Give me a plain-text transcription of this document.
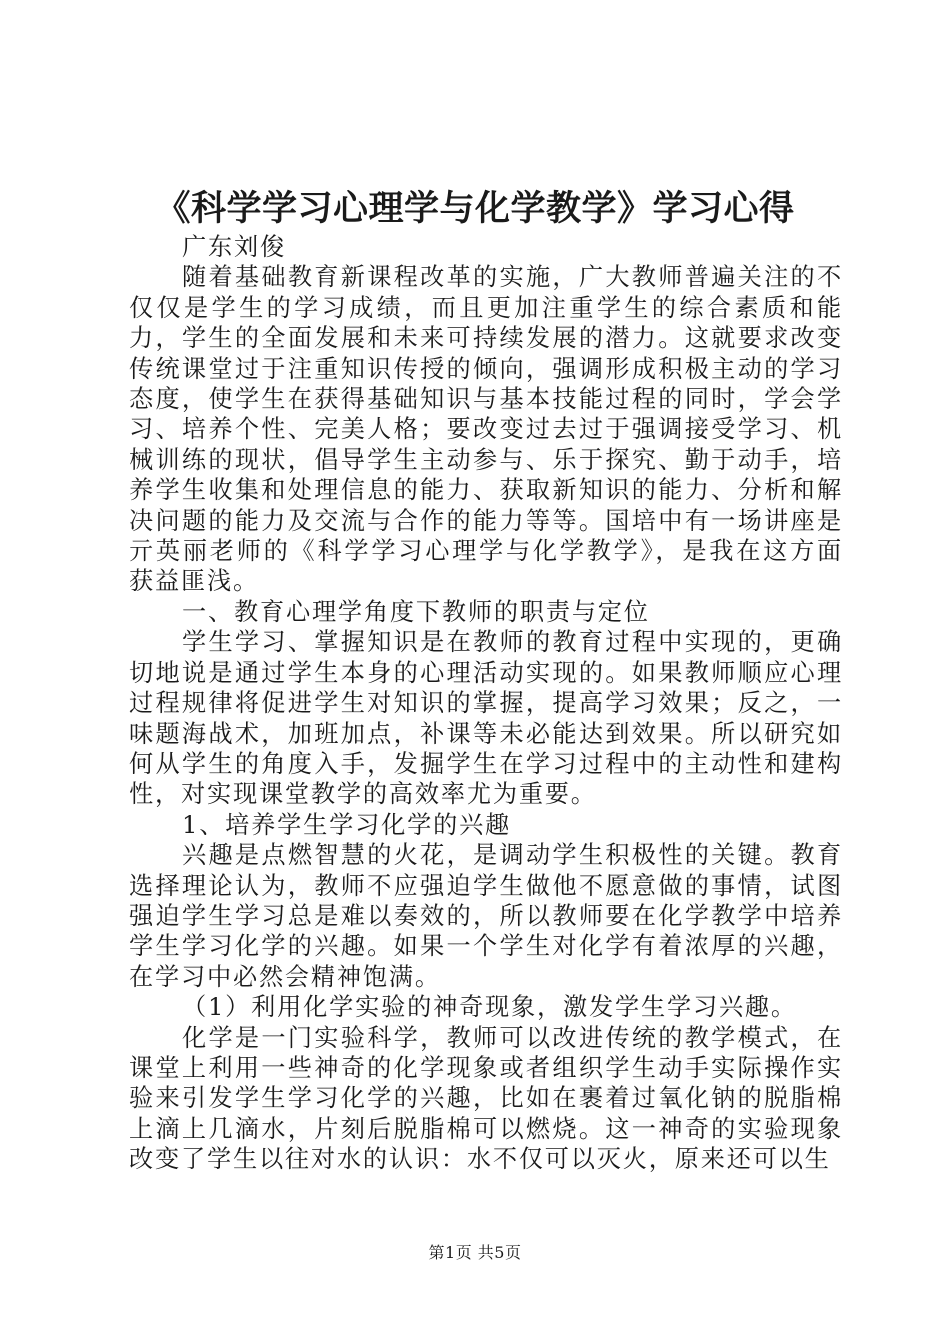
《科学学习心理学与化学教学》学习心得

广东刘俊

随着基础教育新课程改革的实施，广大教师普遍关注的不仅仅是学生的学习成绩，而且更加注重学生的综合素质和能力，学生的全面发展和未来可持续发展的潜力。这就要求改变传统课堂过于注重知识传授的倾向，强调形成积极主动的学习态度，使学生在获得基础知识与基本技能过程的同时，学会学习、培养个性、完美人格；要改变过去过于强调接受学习、机械训练的现状，倡导学生主动参与、乐于探究、勤于动手，培养学生收集和处理信息的能力、获取新知识的能力、分析和解决问题的能力及交流与合作的能力等等。国培中有一场讲座是亓英丽老师的《科学学习心理学与化学教学》，是我在这方面获益匪浅。

一、教育心理学角度下教师的职责与定位

学生学习、掌握知识是在教师的教育过程中实现的，更确切地说是通过学生本身的心理活动实现的。如果教师顺应心理过程规律将促进学生对知识的掌握，提高学习效果；反之，一味题海战术，加班加点，补课等未必能达到效果。所以研究如何从学生的角度入手，发掘学生在学习过程中的主动性和建构性，对实现课堂教学的高效率尤为重要。

1、培养学生学习化学的兴趣

兴趣是点燃智慧的火花，是调动学生积极性的关键。教育选择理论认为，教师不应强迫学生做他不愿意做的事情，试图强迫学生学习总是难以奏效的，所以教师要在化学教学中培养学生学习化学的兴趣。如果一个学生对化学有着浓厚的兴趣，在学习中必然会精神饱满。

（1）利用化学实验的神奇现象，激发学生学习兴趣。

化学是一门实验科学，教师可以改进传统的教学模式，在课堂上利用一些神奇的化学现象或者组织学生动手实际操作实验来引发学生学习化学的兴趣，比如在裹着过氧化钠的脱脂棉上滴上几滴水，片刻后脱脂棉可以燃烧。这一神奇的实验现象改变了学生以往对水的认识：水不仅可以灭火，原来还可以生

第1页 共5页
